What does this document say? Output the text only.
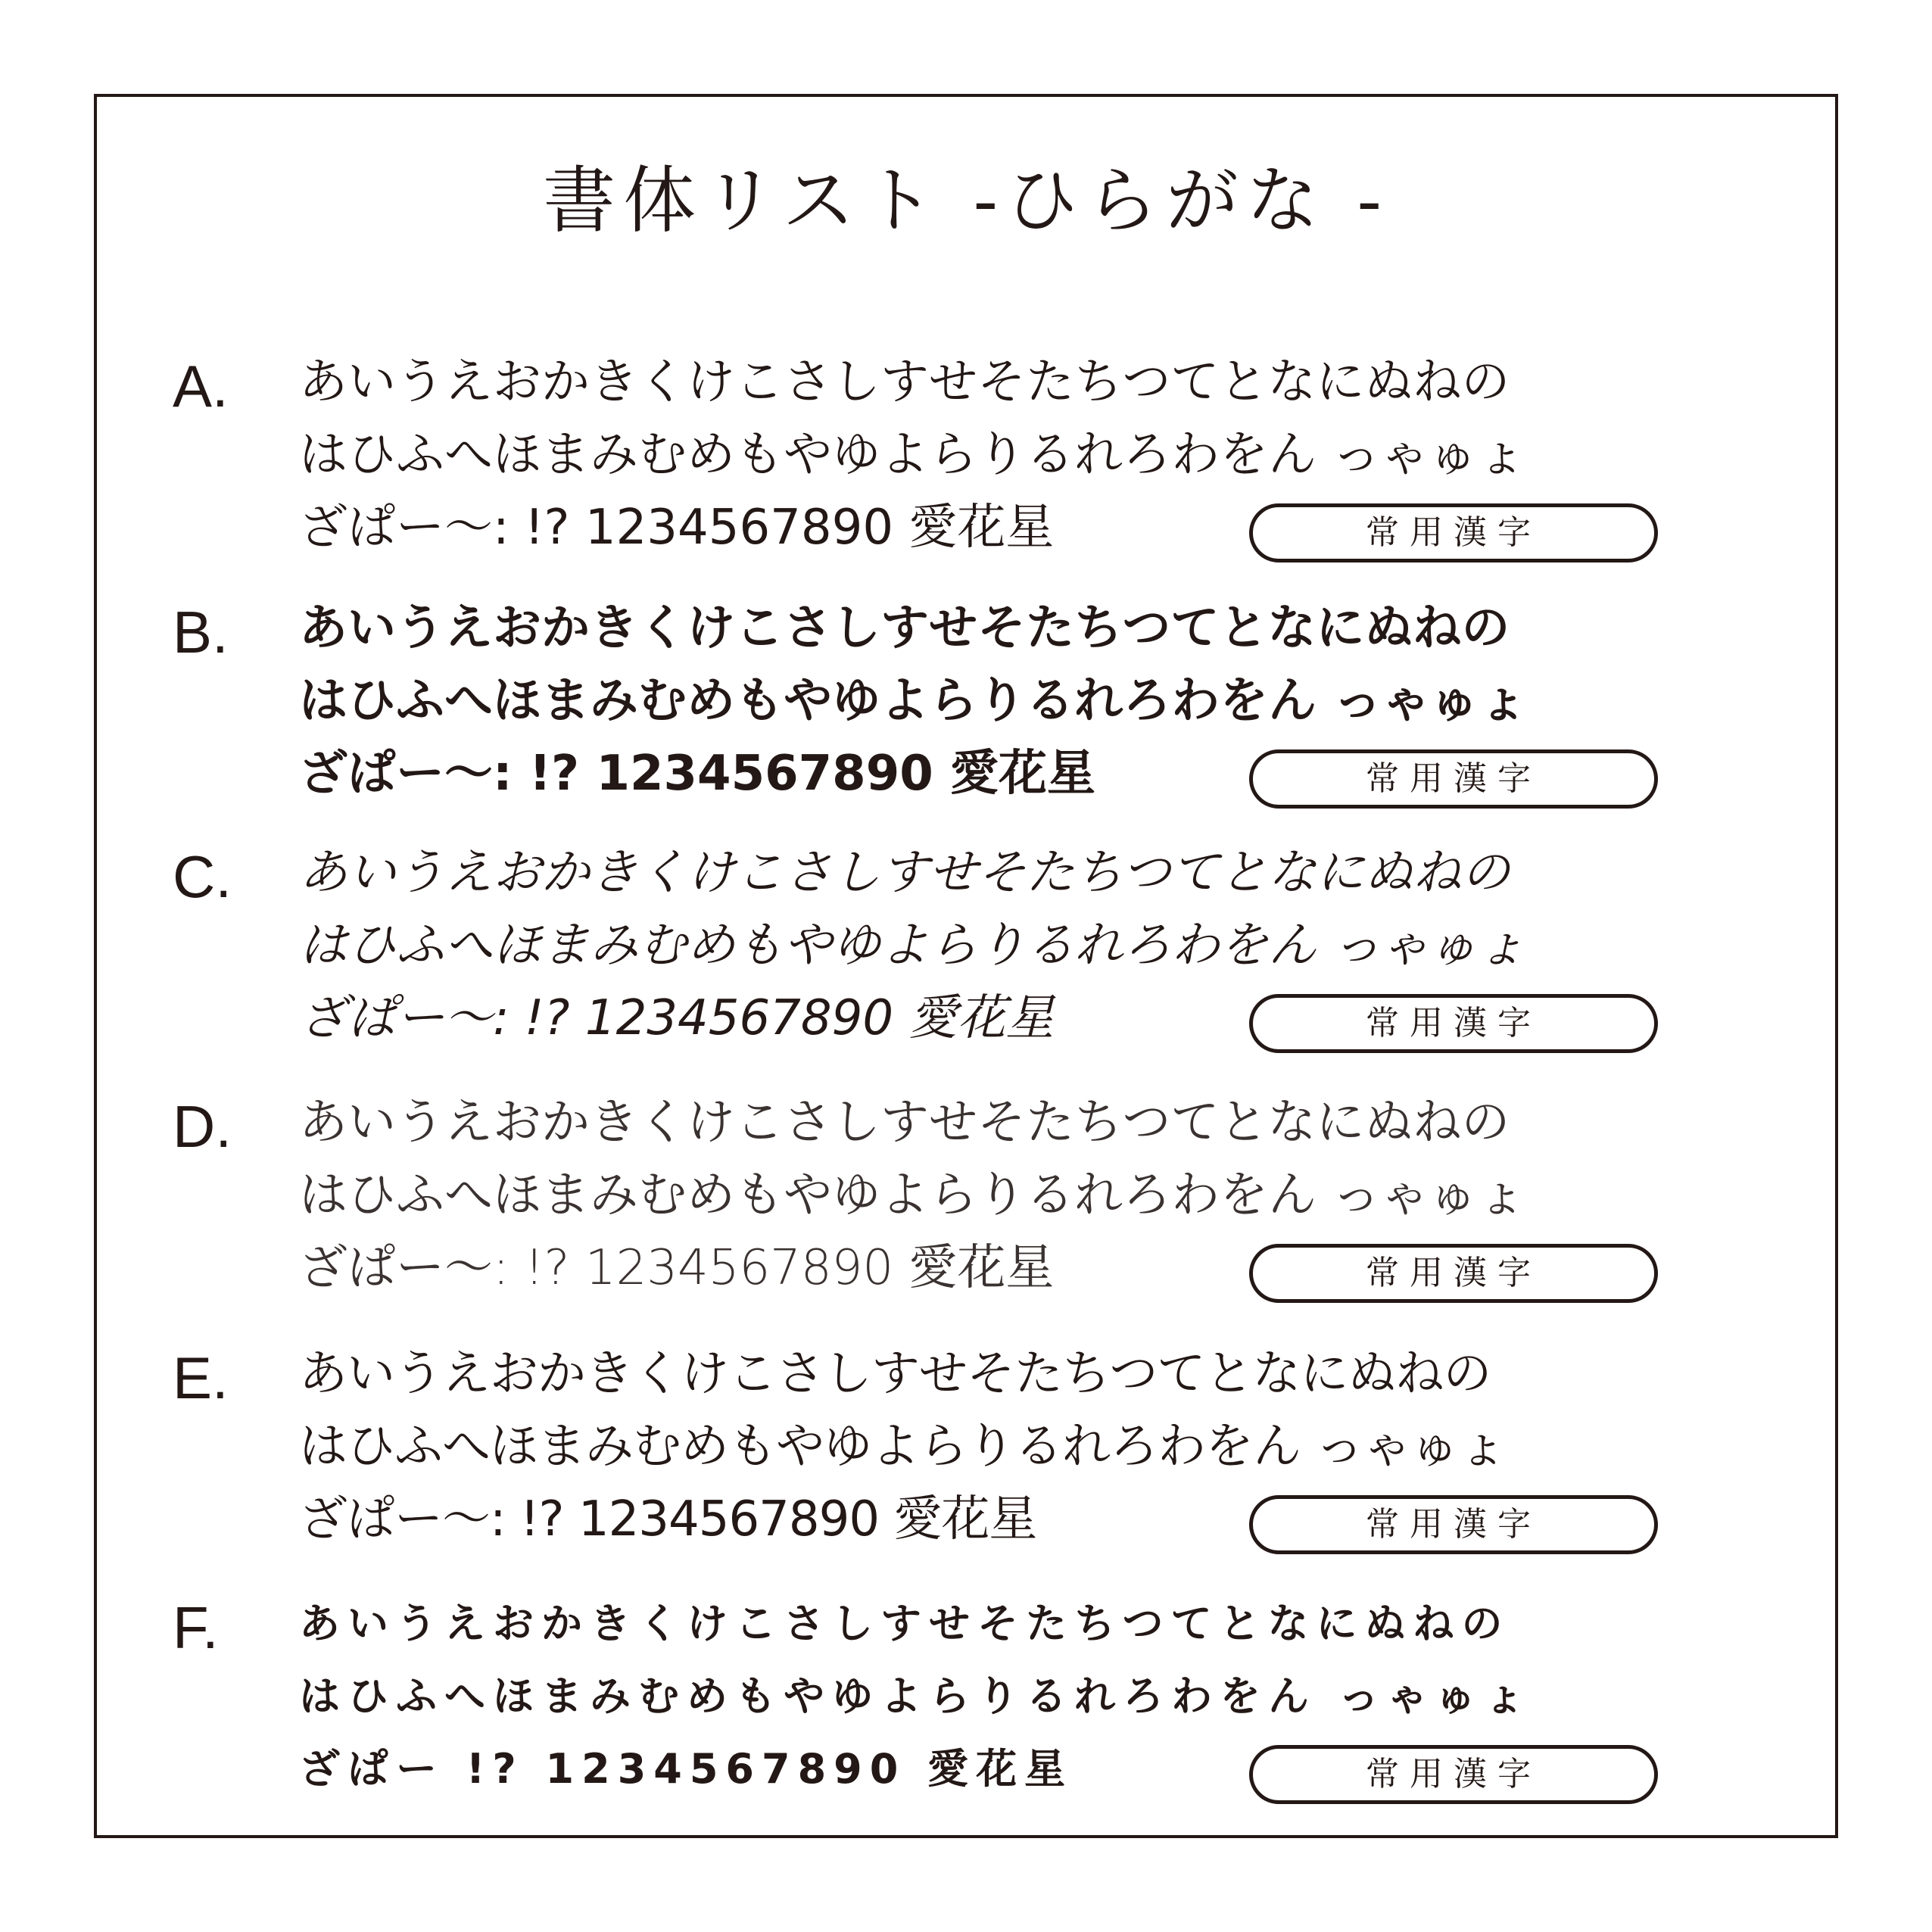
書体リスト -ひらがな -
A. あいうえおかきくけこさしすせそたちつてとなにぬねの
はひふへほまみむめもやゆよらりるれろわをん っゃゅょ
ざぱー〜: !? 1234567890 愛花星	常用漢字
B. あいうえおかきくけこさしすせそたちつてとなにぬねの
はひふへほまみむめもやゆよらりるれろわをん っゃゅょ
ざぱー〜: !? 1234567890 愛花星	常用漢字
C. あいうえおかきくけこさしすせそたちつてとなにぬねの
はひふへほまみむめもやゆよらりるれろわをん っゃゅょ
ざぱー〜: !? 1234567890 愛花星	常用漢字
D. あいうえおかきくけこさしすせそたちつてとなにぬねの
はひふへほまみむめもやゆよらりるれろわをん っゃゅょ
ざぱー〜: !? 1234567890 愛花星	常用漢字
E. あいうえおかきくけこさしすせそたちつてとなにぬねの
はひふへほまみむめもやゆよらりるれろわをん っゃゅょ
ざぱー〜: !? 1234567890 愛花星	常用漢字
F. あいうえおかきくけこさしすせそたちつてとなにぬねの
はひふへほまみむめもやゆよらりるれろわをん っゃゅょ
ざぱー !? 1234567890 愛花星	常用漢字
